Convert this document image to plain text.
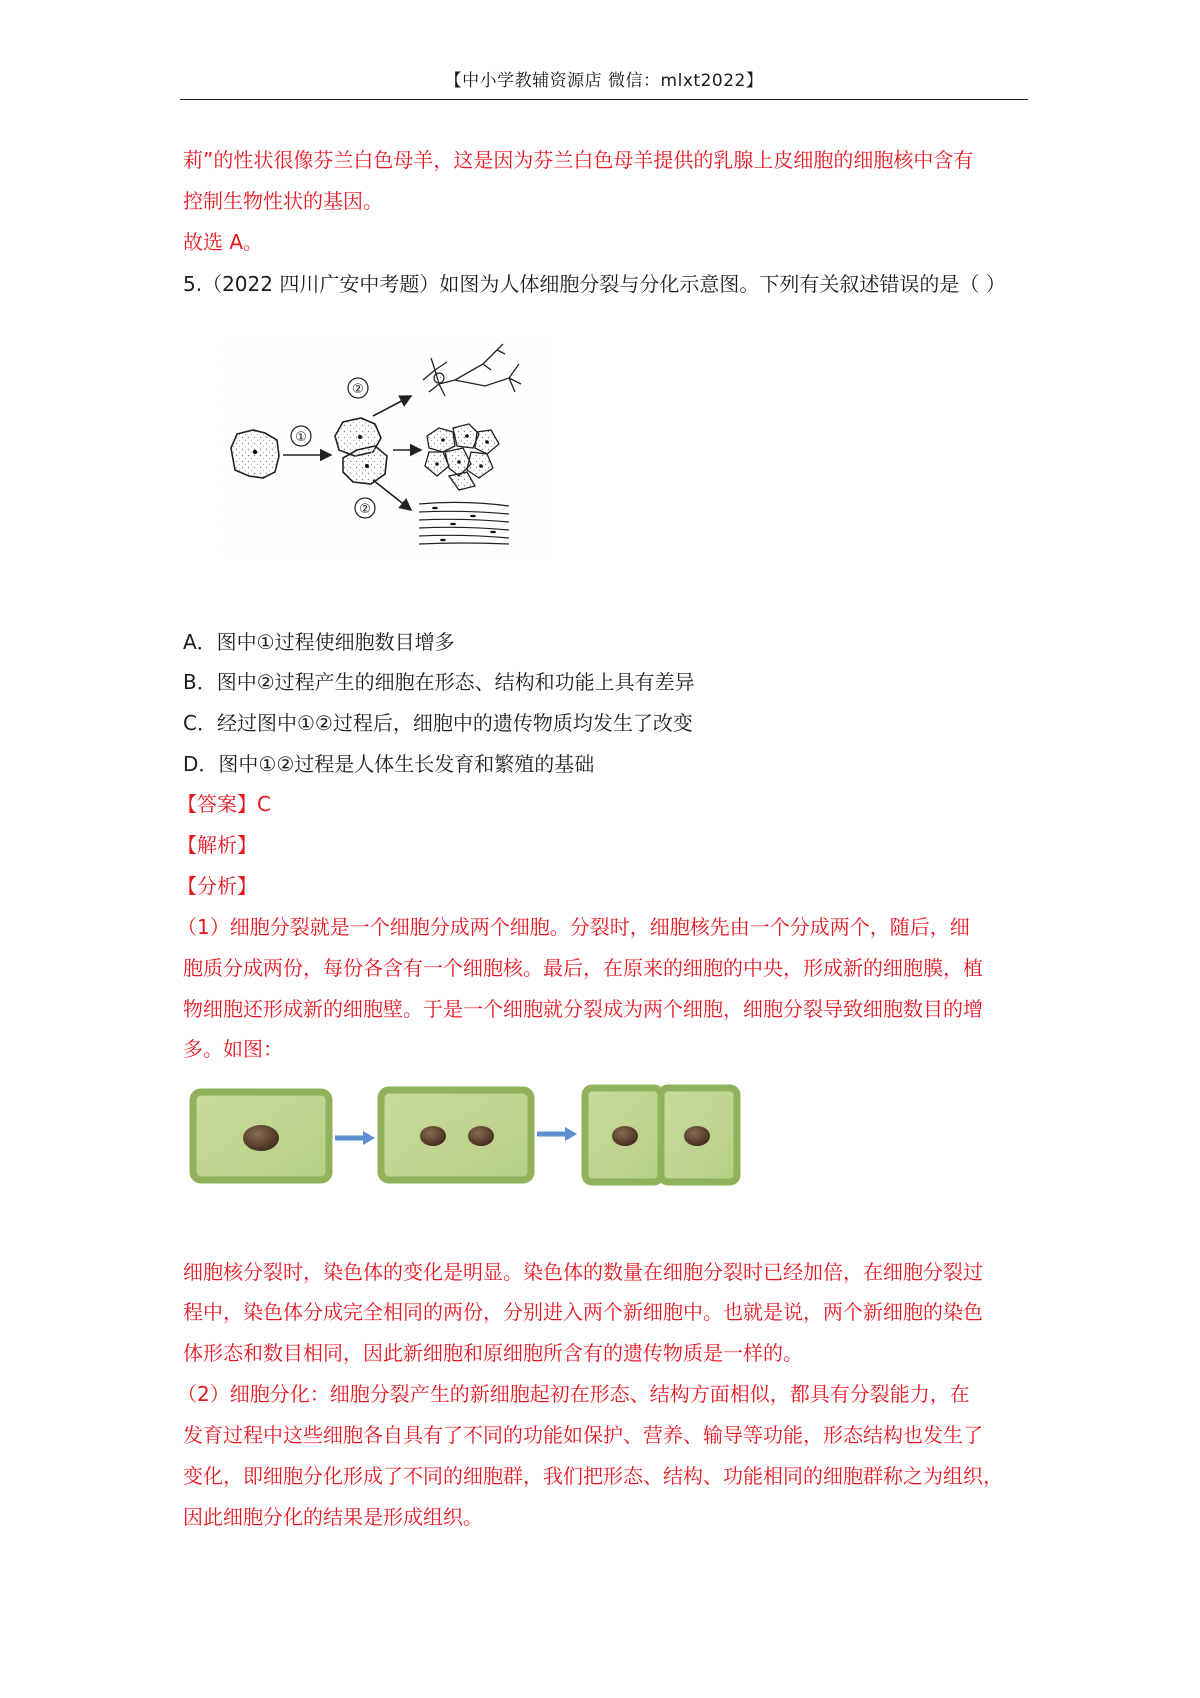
【中小学教辅资源店 微信：mlxt2022】
莉”的性状很像芬兰白色母羊，这是因为芬兰白色母羊提供的乳腺上皮细胞的细胞核中含有
控制生物性状的基因。
故选 A。
5.（2022 四川广安中考题）如图为人体细胞分裂与分化示意图。下列有关叙述错误的是（ ）
①
②
②
A．图中①过程使细胞数目增多
B．图中②过程产生的细胞在形态、结构和功能上具有差异
C．经过图中①②过程后，细胞中的遗传物质均发生了改变
D．图中①②过程是人体生长发育和繁殖的基础
【答案】C
【解析】
【分析】
（1）细胞分裂就是一个细胞分成两个细胞。分裂时，细胞核先由一个分成两个，随后，细
胞质分成两份，每份各含有一个细胞核。最后，在原来的细胞的中央，形成新的细胞膜，植
物细胞还形成新的细胞壁。于是一个细胞就分裂成为两个细胞，细胞分裂导致细胞数目的增
多。如图：
细胞核分裂时，染色体的变化是明显。染色体的数量在细胞分裂时已经加倍，在细胞分裂过
程中，染色体分成完全相同的两份，分别进入两个新细胞中。也就是说，两个新细胞的染色
体形态和数目相同，因此新细胞和原细胞所含有的遗传物质是一样的。
（2）细胞分化：细胞分裂产生的新细胞起初在形态、结构方面相似，都具有分裂能力，在
发育过程中这些细胞各自具有了不同的功能如保护、营养、输导等功能，形态结构也发生了
变化，即细胞分化形成了不同的细胞群，我们把形态、结构、功能相同的细胞群称之为组织，
因此细胞分化的结果是形成组织。
